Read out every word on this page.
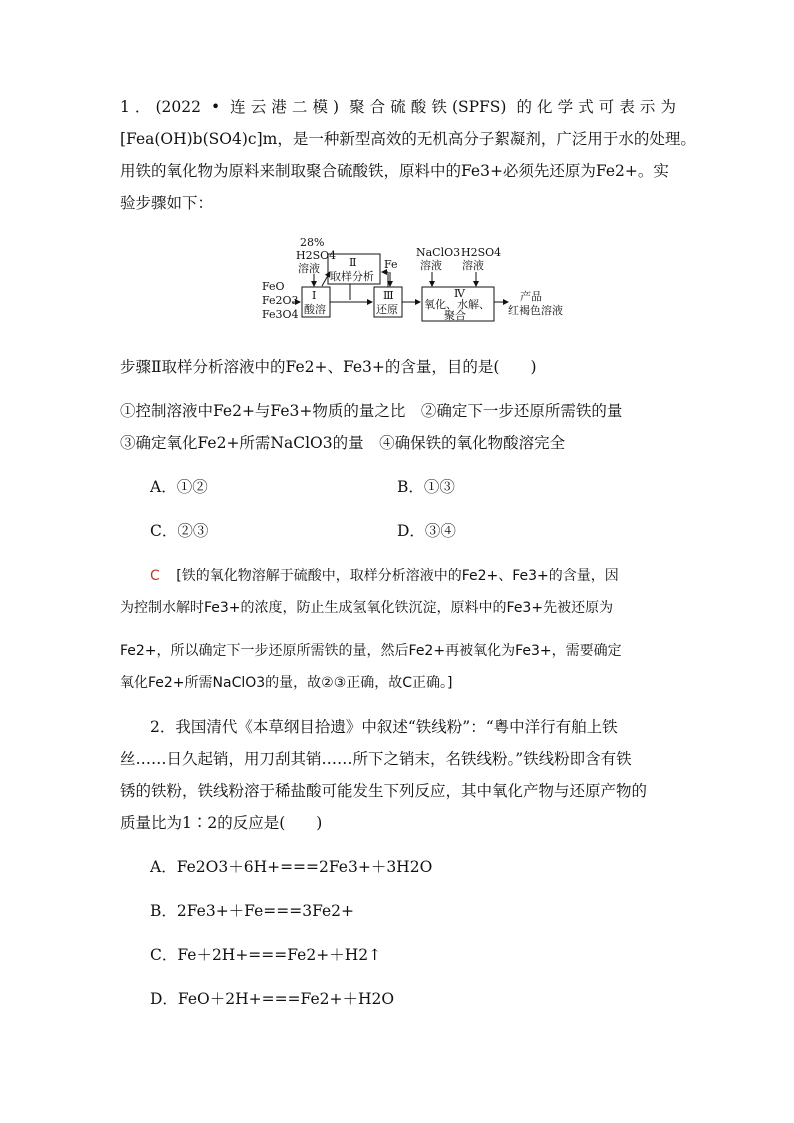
1．(2022 • 连云港二模) 聚合硫酸铁(SPFS) 的化学式可表示为
[Fea(OH)b(SO4)c]m，是一种新型高效的无机高分子絮凝剂，广泛用于水的处理。
用铁的氧化物为原料来制取聚合硫酸铁，原料中的Fe3+必须先还原为Fe2+。实
验步骤如下：
FeO
Fe2O3
Fe3O4
28%
H2SO4
溶液
Ⅰ
酸溶
Ⅱ
取样分析
Fe
Ⅲ
还原
NaClO3
溶液
H2SO4
溶液
Ⅳ
氧化、水解、
聚合
产品
红褐色溶液
步骤Ⅱ取样分析溶液中的Fe2+、Fe3+的含量，目的是(　　)
①控制溶液中Fe2+与Fe3+物质的量之比　②确定下一步还原所需铁的量
③确定氧化Fe2+所需NaClO3的量　④确保铁的氧化物酸溶完全
A．①②	B．①③
C．②③	D．③④
C [铁的氧化物溶解于硫酸中，取样分析溶液中的Fe2+、Fe3+的含量，因
为控制水解时Fe3+的浓度，防止生成氢氧化铁沉淀，原料中的Fe3+先被还原为
Fe2+，所以确定下一步还原所需铁的量，然后Fe2+再被氧化为Fe3+，需要确定
氧化Fe2+所需NaClO3的量，故②③正确，故C正确。]
2．我国清代《本草纲目拾遗》中叙述“铁线粉”：“粤中洋行有舶上铁
丝……日久起销，用刀刮其销……所下之销末，名铁线粉。”铁线粉即含有铁
锈的铁粉，铁线粉溶于稀盐酸可能发生下列反应，其中氧化产物与还原产物的
质量比为1∶2的反应是(　　)
A．Fe2O3＋6H+===2Fe3+＋3H2O
B．2Fe3+＋Fe===3Fe2+
C．Fe＋2H+===Fe2+＋H2↑
D．FeO＋2H+===Fe2+＋H2O
